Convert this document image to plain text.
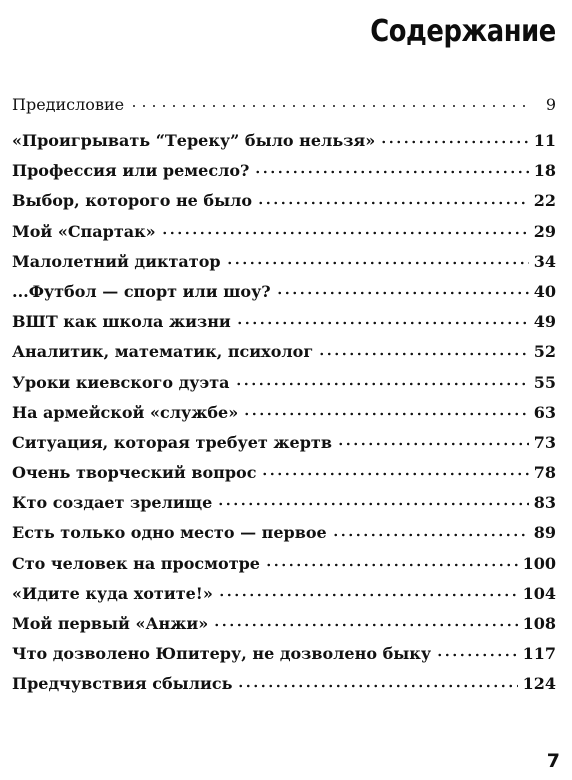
Содержание
Предисловие	9
«Проигрывать “Тереку” было нельзя»	11
Профессия или ремесло?	18
Выбор, которого не было	22
Мой «Спартак»	29
Малолетний диктатор	34
...Футбол — спорт или шоу?	40
ВШТ как школа жизни	49
Аналитик, математик, психолог	52
Уроки киевского дуэта	55
На армейской «службе»	63
Ситуация, которая требует жертв	73
Очень творческий вопрос	78
Кто создает зрелище	83
Есть только одно место — первое	89
Сто человек на просмотре	100
«Идите куда хотите!»	104
Мой первый «Анжи»	108
Что дозволено Юпитеру, не дозволено быку	117
Предчувствия сбылись	124
7
